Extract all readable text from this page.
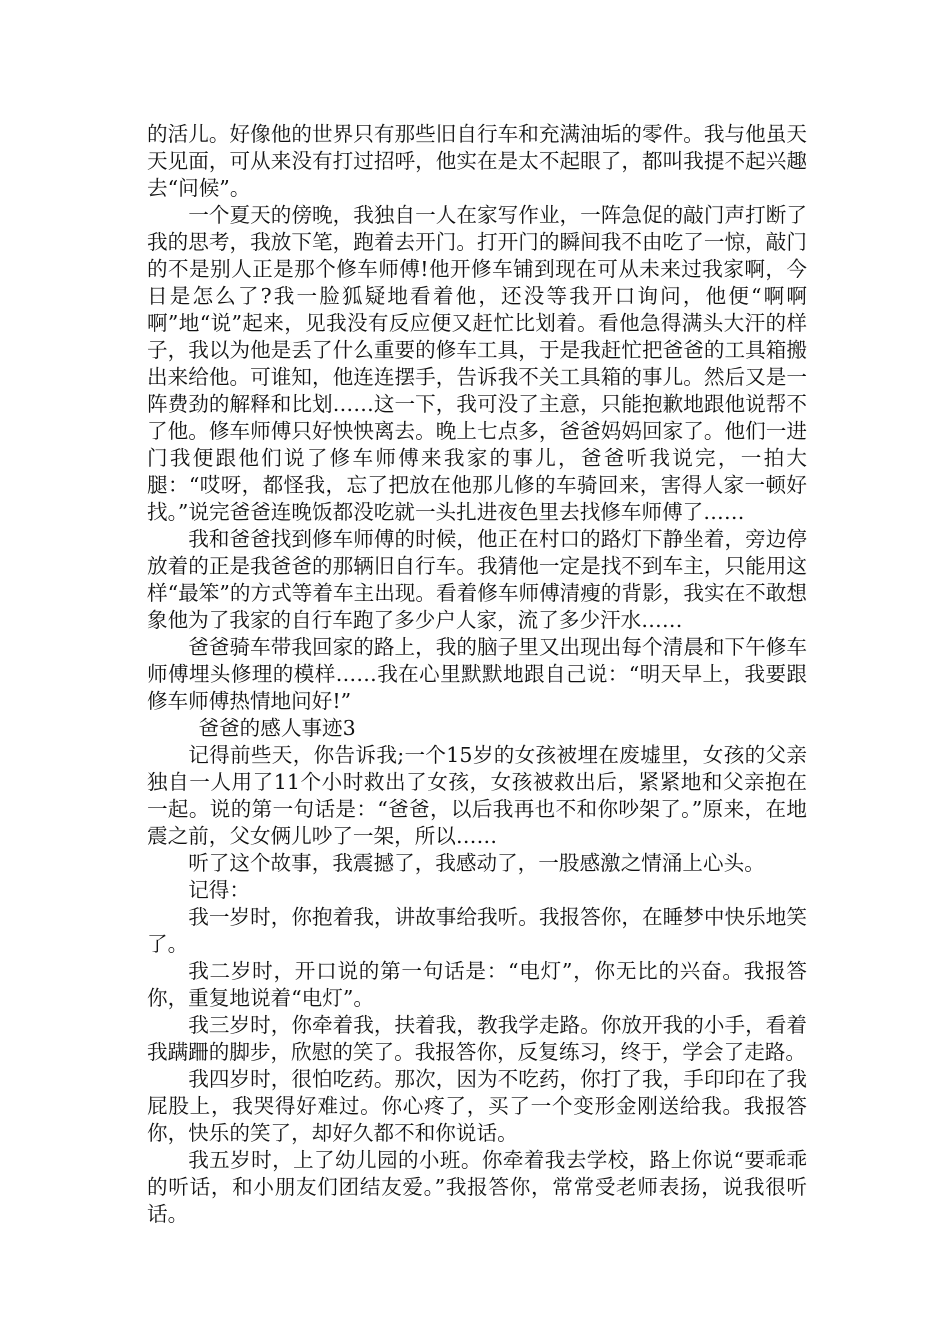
的活儿。好像他的世界只有那些旧自行车和充满油垢的零件。我与他虽天天见面，可从来没有打过招呼，他实在是太不起眼了，都叫我提不起兴趣去“问候”。

一个夏天的傍晚，我独自一人在家写作业，一阵急促的敲门声打断了我的思考，我放下笔，跑着去开门。打开门的瞬间我不由吃了一惊，敲门的不是别人正是那个修车师傅!他开修车铺到现在可从未来过我家啊，今日是怎么了?我一脸狐疑地看着他，还没等我开口询问，他便“啊啊啊”地“说”起来，见我没有反应便又赶忙比划着。看他急得满头大汗的样子，我以为他是丢了什么重要的修车工具，于是我赶忙把爸爸的工具箱搬出来给他。可谁知，他连连摆手，告诉我不关工具箱的事儿。然后又是一阵费劲的解释和比划……这一下，我可没了主意，只能抱歉地跟他说帮不了他。修车师傅只好怏怏离去。晚上七点多，爸爸妈妈回家了。他们一进门我便跟他们说了修车师傅来我家的事儿，爸爸听我说完，一拍大腿：“哎呀，都怪我，忘了把放在他那儿修的车骑回来，害得人家一顿好找。”说完爸爸连晚饭都没吃就一头扎进夜色里去找修车师傅了……

我和爸爸找到修车师傅的时候，他正在村口的路灯下静坐着，旁边停放着的正是我爸爸的那辆旧自行车。我猜他一定是找不到车主，只能用这样“最笨”的方式等着车主出现。看着修车师傅清瘦的背影，我实在不敢想象他为了我家的自行车跑了多少户人家，流了多少汗水……

爸爸骑车带我回家的路上，我的脑子里又出现出每个清晨和下午修车师傅埋头修理的模样……我在心里默默地跟自己说：“明天早上，我要跟修车师傅热情地问好!”

爸爸的感人事迹3

记得前些天，你告诉我;一个15岁的女孩被埋在废墟里，女孩的父亲独自一人用了11个小时救出了女孩，女孩被救出后，紧紧地和父亲抱在一起。说的第一句话是：“爸爸，以后我再也不和你吵架了。”原来，在地震之前，父女俩儿吵了一架，所以……

听了这个故事，我震撼了，我感动了，一股感激之情涌上心头。

记得：

我一岁时，你抱着我，讲故事给我听。我报答你，在睡梦中快乐地笑了。

我二岁时，开口说的第一句话是：“电灯”，你无比的兴奋。我报答你，重复地说着“电灯”。

我三岁时，你牵着我，扶着我，教我学走路。你放开我的小手，看着我蹒跚的脚步，欣慰的笑了。我报答你，反复练习，终于，学会了走路。

我四岁时，很怕吃药。那次，因为不吃药，你打了我，手印印在了我屁股上，我哭得好难过。你心疼了，买了一个变形金刚送给我。我报答你，快乐的笑了，却好久都不和你说话。

我五岁时，上了幼儿园的小班。你牵着我去学校，路上你说“要乖乖的听话，和小朋友们团结友爱。”我报答你，常常受老师表扬，说我很听话。
